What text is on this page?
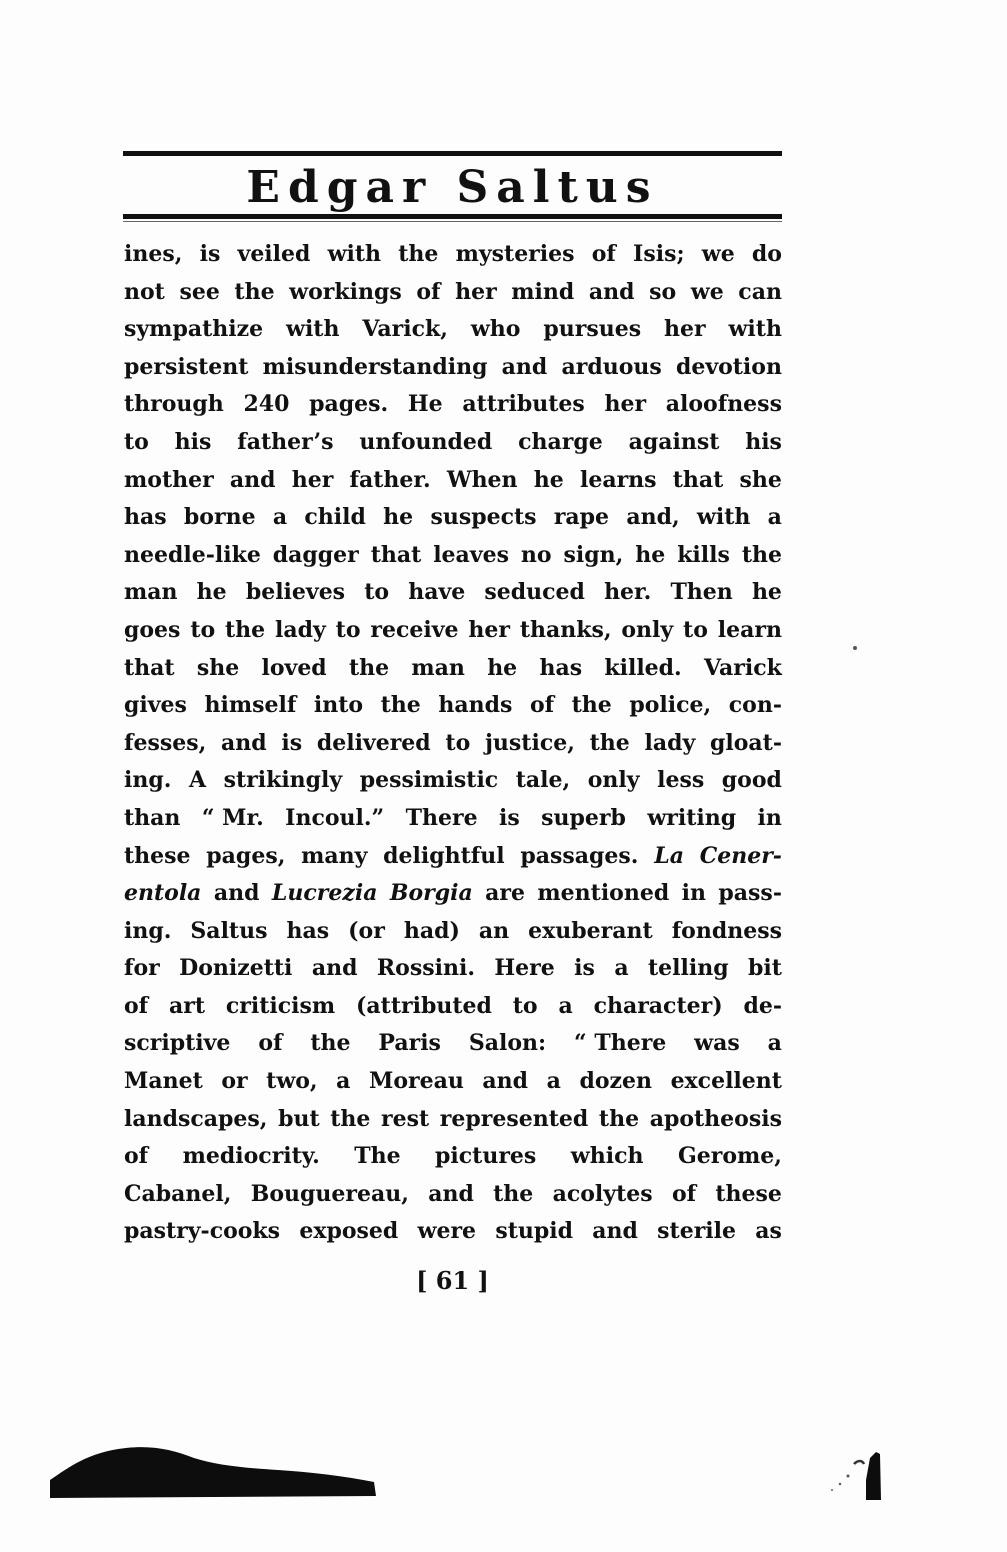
Edgar Saltus
ines, is veiled with the mysteries of Isis; we do
not see the workings of her mind and so we can
sympathize with Varick, who pursues her with
persistent misunderstanding and arduous devotion
through 240 pages. He attributes her aloofness
to his father’s unfounded charge against his
mother and her father. When he learns that she
has borne a child he suspects rape and, with a
needle-like dagger that leaves no sign, he kills the
man he believes to have seduced her. Then he
goes to the lady to receive her thanks, only to learn
that she loved the man he has killed. Varick
gives himself into the hands of the police, con-
fesses, and is delivered to justice, the lady gloat-
ing. A strikingly pessimistic tale, only less good
than “ Mr. Incoul.” There is superb writing in
these pages, many delightful passages. La Cener-
entola and Lucrezia Borgia are mentioned in pass-
ing. Saltus has (or had) an exuberant fondness
for Donizetti and Rossini. Here is a telling bit
of art criticism (attributed to a character) de-
scriptive of the Paris Salon: “ There was a
Manet or two, a Moreau and a dozen excellent
landscapes, but the rest represented the apotheosis
of mediocrity. The pictures which Gerome,
Cabanel, Bouguereau, and the acolytes of these
pastry-cooks exposed were stupid and sterile as
[ 61 ]
